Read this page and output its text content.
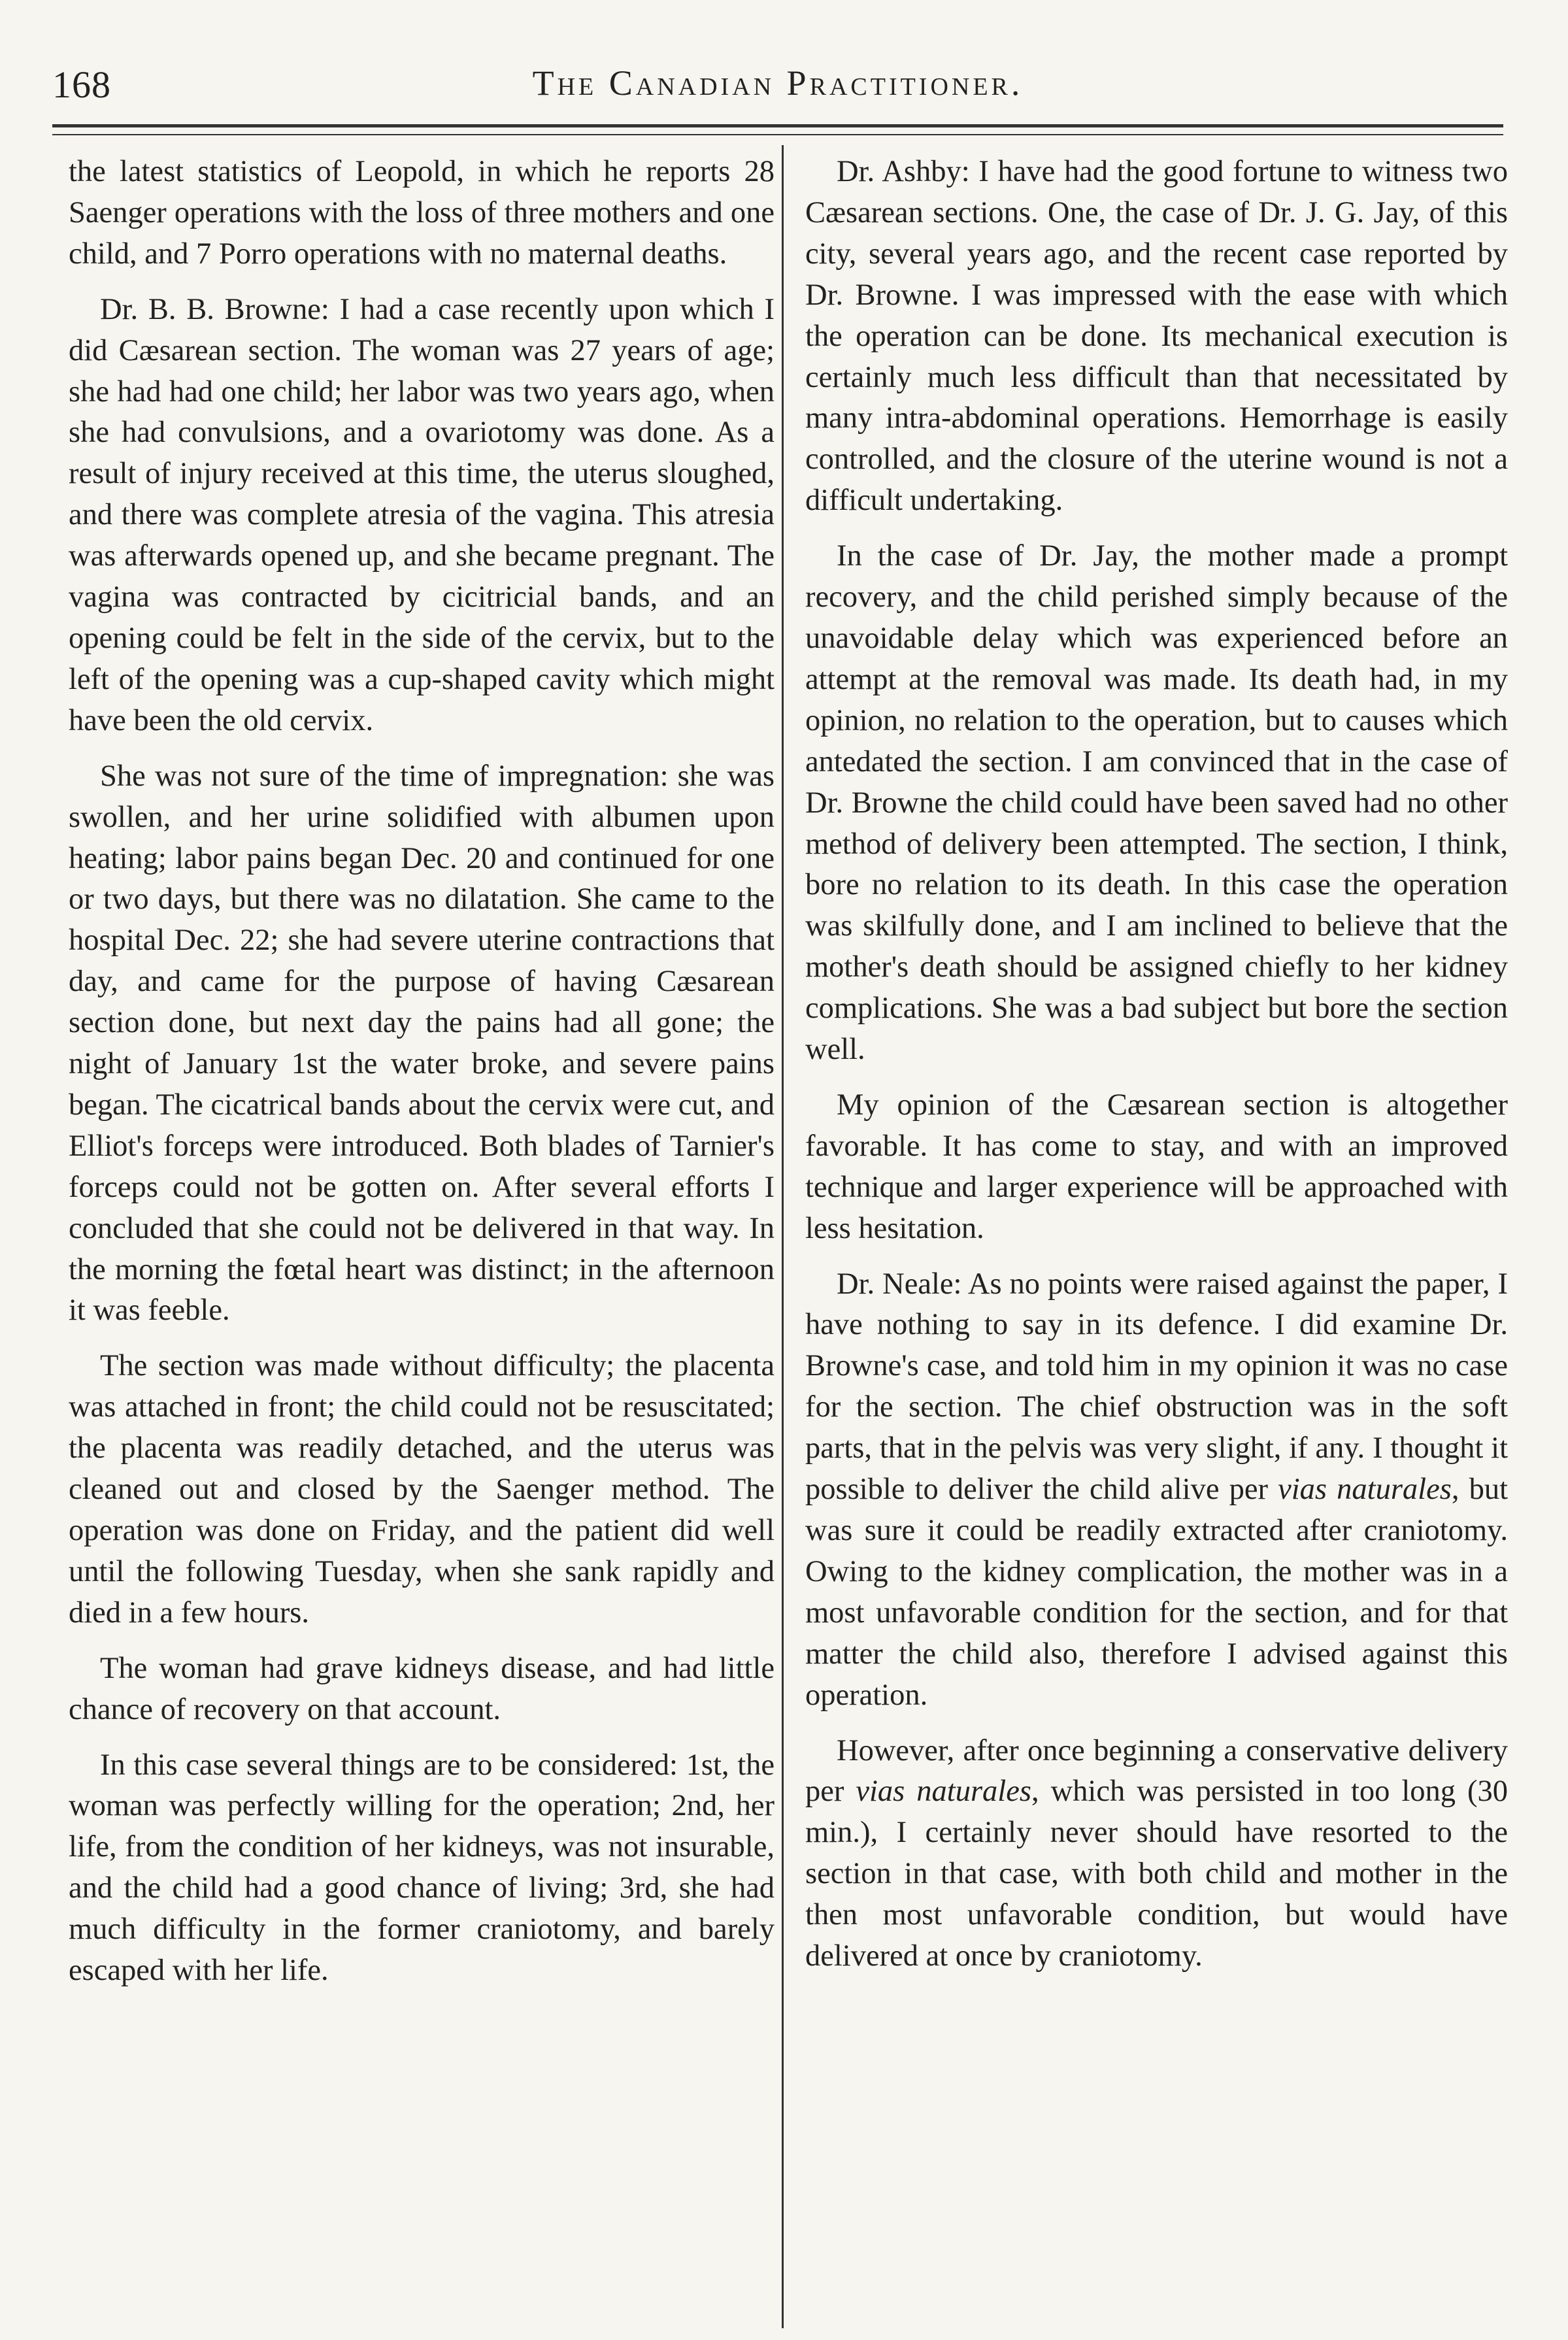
168	The Canadian Practitioner.

the latest statistics of Leopold, in which he reports 28 Saenger operations with the loss of three mothers and one child, and 7 Porro operations with no maternal deaths.

Dr. B. B. Browne: I had a case recently upon which I did Cæsarean section. The woman was 27 years of age; she had had one child; her labor was two years ago, when she had convulsions, and a ovariotomy was done. As a result of injury received at this time, the uterus sloughed, and there was complete atresia of the vagina. This atresia was afterwards opened up, and she became pregnant. The vagina was contracted by cicitricial bands, and an opening could be felt in the side of the cervix, but to the left of the opening was a cup-shaped cavity which might have been the old cervix.

She was not sure of the time of impregnation: she was swollen, and her urine solidified with albumen upon heating; labor pains began Dec. 20 and continued for one or two days, but there was no dilatation. She came to the hospital Dec. 22; she had severe uterine contractions that day, and came for the purpose of having Cæsarean section done, but next day the pains had all gone; the night of January 1st the water broke, and severe pains began. The cicatrical bands about the cervix were cut, and Elliot's forceps were introduced. Both blades of Tarnier's forceps could not be gotten on. After several efforts I concluded that she could not be delivered in that way. In the morning the fœtal heart was distinct; in the afternoon it was feeble.

The section was made without difficulty; the placenta was attached in front; the child could not be resuscitated; the placenta was readily detached, and the uterus was cleaned out and closed by the Saenger method. The operation was done on Friday, and the patient did well until the following Tuesday, when she sank rapidly and died in a few hours.

The woman had grave kidneys disease, and had little chance of recovery on that account.

In this case several things are to be considered: 1st, the woman was perfectly willing for the operation; 2nd, her life, from the condition of her kidneys, was not insurable, and the child had a good chance of living; 3rd, she had much difficulty in the former craniotomy, and barely escaped with her life.

Dr. Ashby: I have had the good fortune to witness two Cæsarean sections. One, the case of Dr. J. G. Jay, of this city, several years ago, and the recent case reported by Dr. Browne. I was impressed with the ease with which the operation can be done. Its mechanical execution is certainly much less difficult than that necessitated by many intra-abdominal operations. Hemorrhage is easily controlled, and the closure of the uterine wound is not a difficult undertaking.

In the case of Dr. Jay, the mother made a prompt recovery, and the child perished simply because of the unavoidable delay which was experienced before an attempt at the removal was made. Its death had, in my opinion, no relation to the operation, but to causes which antedated the section. I am convinced that in the case of Dr. Browne the child could have been saved had no other method of delivery been attempted. The section, I think, bore no relation to its death. In this case the operation was skilfully done, and I am inclined to believe that the mother's death should be assigned chiefly to her kidney complications. She was a bad subject but bore the section well.

My opinion of the Cæsarean section is altogether favorable. It has come to stay, and with an improved technique and larger experience will be approached with less hesitation.

Dr. Neale: As no points were raised against the paper, I have nothing to say in its defence. I did examine Dr. Browne's case, and told him in my opinion it was no case for the section. The chief obstruction was in the soft parts, that in the pelvis was very slight, if any. I thought it possible to deliver the child alive per vias naturales, but was sure it could be readily extracted after craniotomy. Owing to the kidney complication, the mother was in a most unfavorable condition for the section, and for that matter the child also, therefore I advised against this operation.

However, after once beginning a conservative delivery per vias naturales, which was persisted in too long (30 min.), I certainly never should have resorted to the section in that case, with both child and mother in the then most unfavorable condition, but would have delivered at once by craniotomy.
